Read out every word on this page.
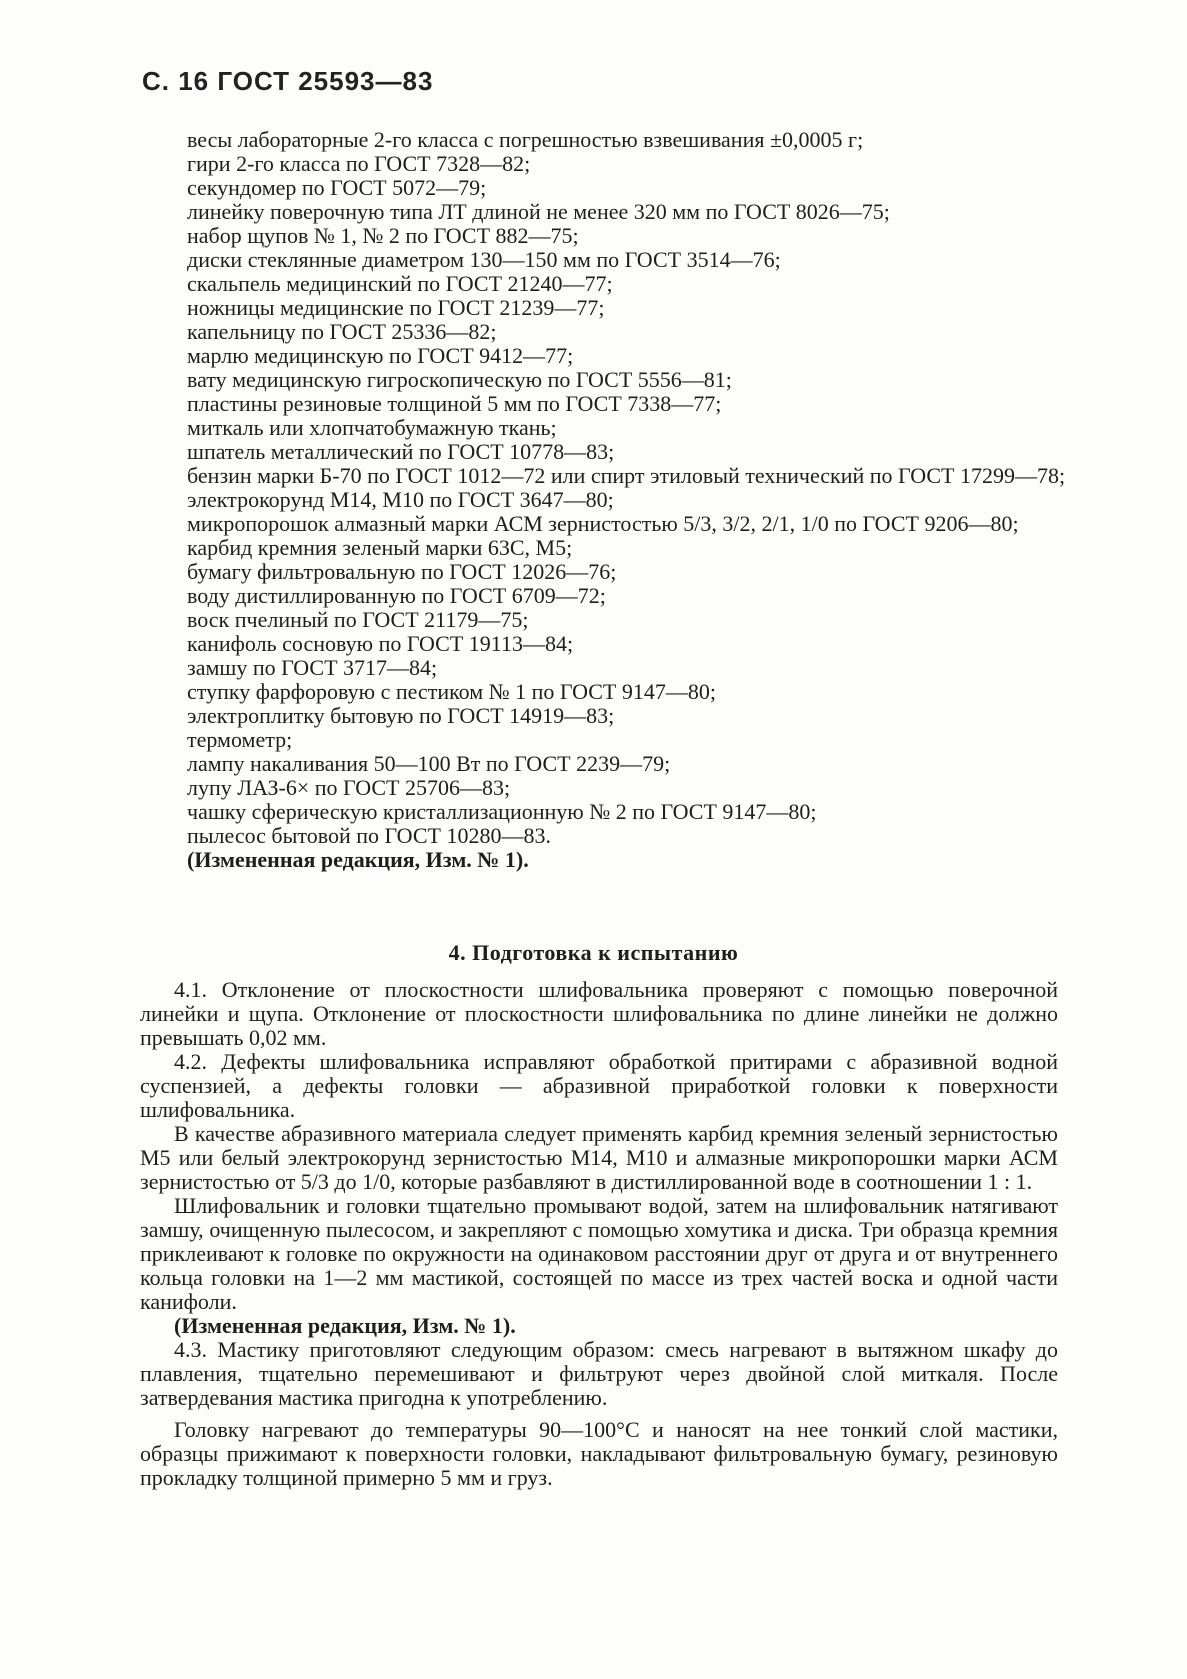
С. 16 ГОСТ 25593—83
весы лабораторные 2-го класса с погрешностью взвешивания ±0,0005 г;
гири 2-го класса по ГОСТ 7328—82;
секундомер по ГОСТ 5072—79;
линейку поверочную типа ЛТ длиной не менее 320 мм по ГОСТ 8026—75;
набор щупов № 1, № 2 по ГОСТ 882—75;
диски стеклянные диаметром 130—150 мм по ГОСТ 3514—76;
скальпель медицинский по ГОСТ 21240—77;
ножницы медицинские по ГОСТ 21239—77;
капельницу по ГОСТ 25336—82;
марлю медицинскую по ГОСТ 9412—77;
вату медицинскую гигроскопическую по ГОСТ 5556—81;
пластины резиновые толщиной 5 мм по ГОСТ 7338—77;
миткаль или хлопчатобумажную ткань;
шпатель металлический по ГОСТ 10778—83;
бензин марки Б-70 по ГОСТ 1012—72 или спирт этиловый технический по ГОСТ 17299—78;
электрокорунд М14, М10 по ГОСТ 3647—80;
микропорошок алмазный марки АСМ зернистостью 5/3, 3/2, 2/1, 1/0 по ГОСТ 9206—80;
карбид кремния зеленый марки 63С, М5;
бумагу фильтровальную по ГОСТ 12026—76;
воду дистиллированную по ГОСТ 6709—72;
воск пчелиный по ГОСТ 21179—75;
канифоль сосновую по ГОСТ 19113—84;
замшу по ГОСТ 3717—84;
ступку фарфоровую с пестиком № 1 по ГОСТ 9147—80;
электроплитку бытовую по ГОСТ 14919—83;
термометр;
лампу накаливания 50—100 Вт по ГОСТ 2239—79;
лупу ЛАЗ-6× по ГОСТ 25706—83;
чашку сферическую кристаллизационную № 2 по ГОСТ 9147—80;
пылесос бытовой по ГОСТ 10280—83.
(Измененная редакция, Изм. № 1).
4. Подготовка к испытанию

4.1. Отклонение от плоскостности шлифовальника проверяют с помощью поверочной линейки и щупа. Отклонение от плоскостности шлифовальника по длине линейки не должно превышать 0,02 мм.

4.2. Дефекты шлифовальника исправляют обработкой притирами с абразивной водной суспензией, а дефекты головки — абразивной приработкой головки к поверхности шлифовальника.

В качестве абразивного материала следует применять карбид кремния зеленый зернистостью М5 или белый электрокорунд зернистостью М14, М10 и алмазные микропорошки марки АСМ зернистостью от 5/3 до 1/0, которые разбавляют в дистиллированной воде в соотношении 1 : 1.

Шлифовальник и головки тщательно промывают водой, затем на шлифовальник натягивают замшу, очищенную пылесосом, и закрепляют с помощью хомутика и диска. Три образца кремния приклеивают к головке по окружности на одинаковом расстоянии друг от друга и от внутреннего кольца головки на 1—2 мм мастикой, состоящей по массе из трех частей воска и одной части канифоли.

(Измененная редакция, Изм. № 1).

4.3. Мастику приготовляют следующим образом: смесь нагревают в вытяжном шкафу до плавления, тщательно перемешивают и фильтруют через двойной слой миткаля. После затвердевания мастика пригодна к употреблению.

Головку нагревают до температуры 90—100°С и наносят на нее тонкий слой мастики, образцы прижимают к поверхности головки, накладывают фильтровальную бумагу, резиновую прокладку толщиной примерно 5 мм и груз.
